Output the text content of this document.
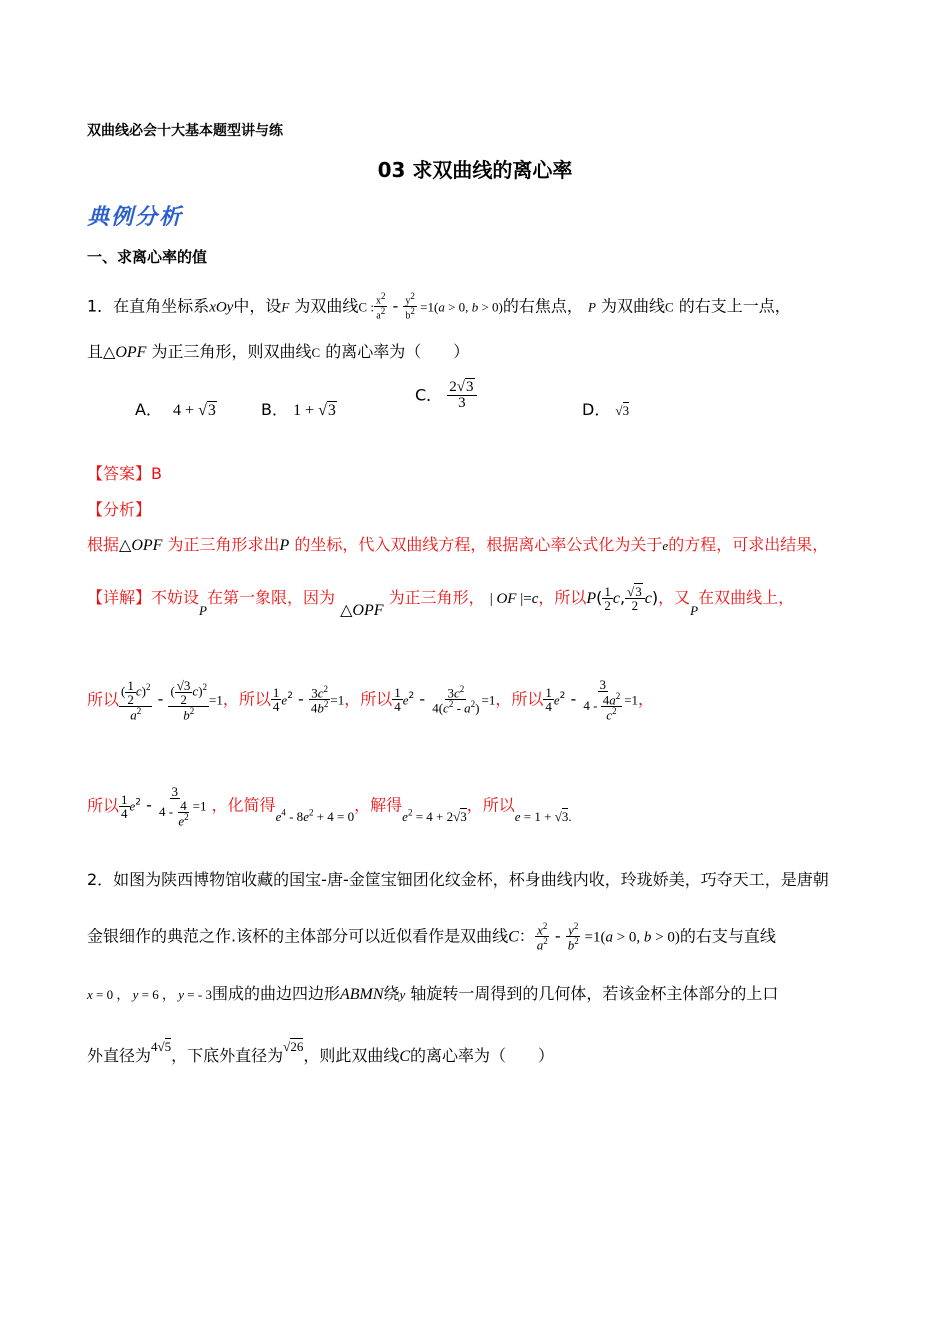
双曲线必会十大基本题型讲与练
03 求双曲线的离心率
典例分析
一、求离心率的值
1．在直角坐标系xOy中，设F 为双曲线C : $\frac{x^2}{a^2} - \frac{y^2}{b^2} =1(a > 0$, b > 0)的右焦点， P 为双曲线C 的右支上一点，
且△OPF 为正三角形，则双曲线C 的离心率为（　　）
A． 4 + √3	B． 1 + √3
C． $\frac{2√3}{3}$	D． √3
【答案】B
【分析】
根据△OPF 为正三角形求出P 的坐标，代入双曲线方程，根据离心率公式化为关于e的方程，可求出结果，
【详解】不妨设$_P$在第一象限，因为 △OPF 为正三角形， | OF |=c，所以$P( \frac{1}{2} c$, $\frac{√3}{2} c$)，又$_P$在双曲线上，
所以 $\frac{( \frac{1}{2} c)^2}{a^2} - \frac{( \frac{√3}{2} c)^2}{b^2} =1$，所以 $\frac{1}{4} e^2 - \frac{3c^2}{4b^2} =1$，所以 $\frac{1}{4} e^2 - \frac{3c^2}{4(c^2 - a^2)} =1$，所以 $\frac{1}{4} e^2 - \frac{3}{4 - \frac{4a^2}{c^2}} =1$，
所以 $\frac{1}{4} e^2 - \frac{3}{4 - \frac{4}{e^2}} =1$ ，化简得$_{e^4 - 8e^2 + 4 = 0}$，解得$_{e^2 = 4 + 2√3}$，所以$_{e = 1 + √3.}$
2．如图为陕西博物馆收藏的国宝-唐-金筐宝钿团化纹金杯，杯身曲线内收，玲珑娇美，巧夺天工，是唐朝
金银细作的典范之作.该杯的主体部分可以近似看作是双曲线C： $\frac{x^2}{a^2} - \frac{y^2}{b^2} =1(a > 0$, b > 0)的右支与直线
x = 0 ， y = 6 ， y = - 3围成的曲边四边形ABMN绕y 轴旋转一周得到的几何体，若该金杯主体部分的上口
外直径为$^{4√5}$，下底外直径为$^{√26}$，则此双曲线C的离心率为（　　）
